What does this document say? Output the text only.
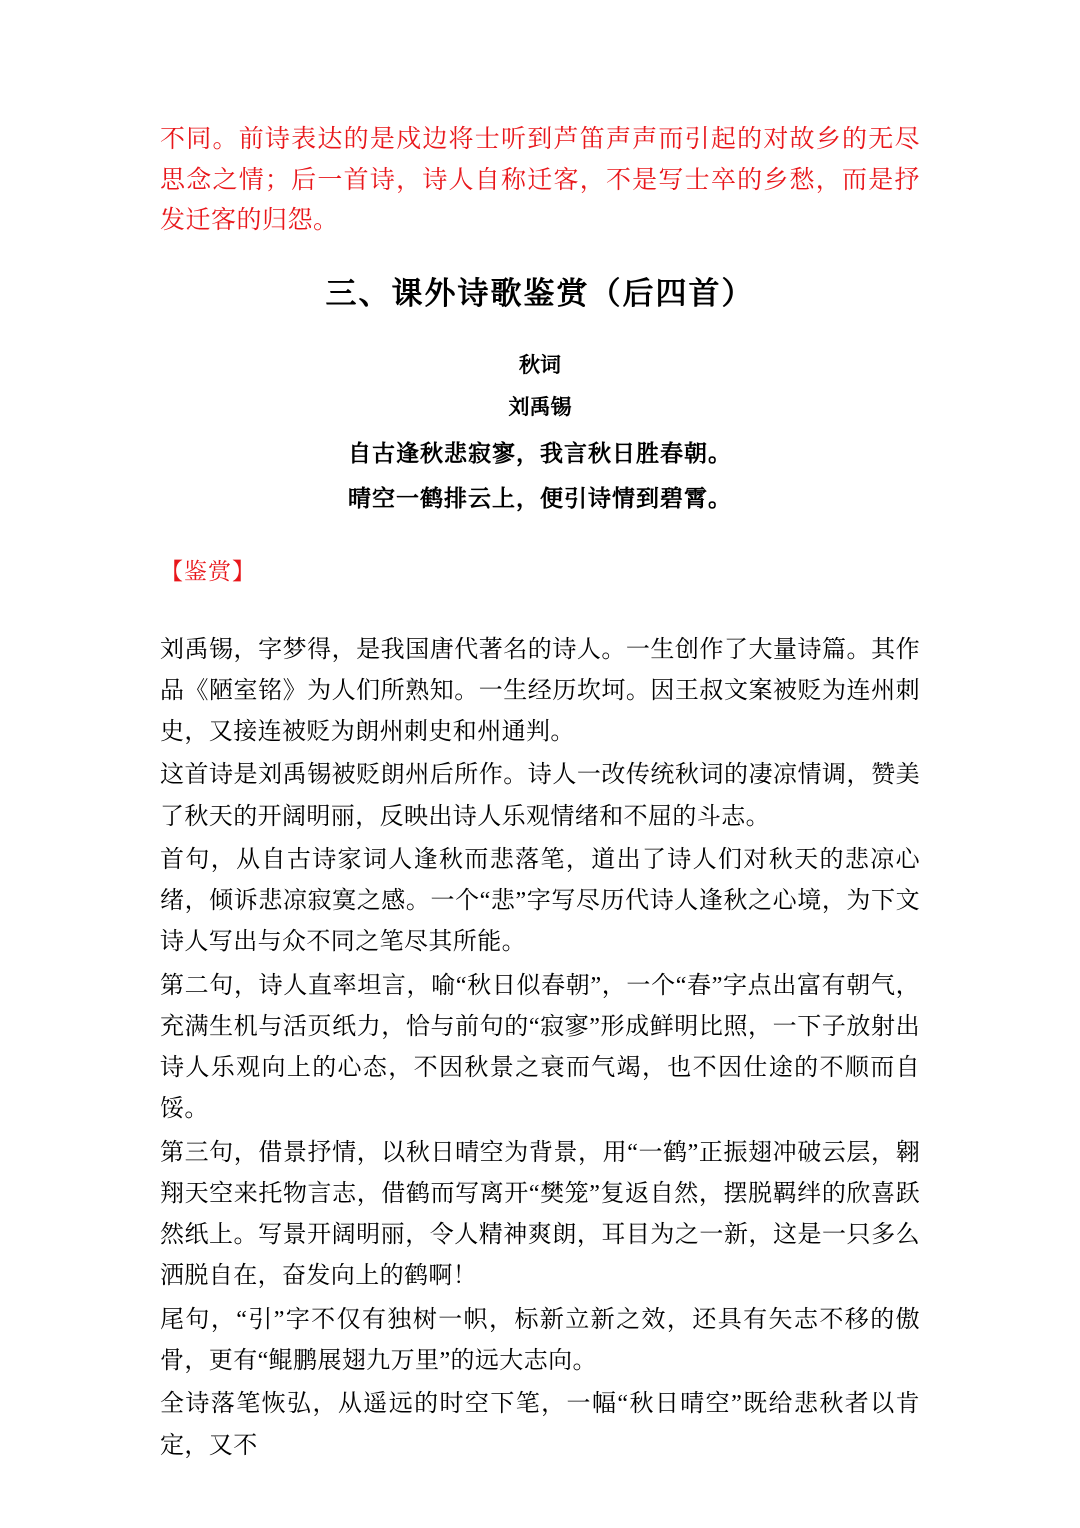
不同。前诗表达的是戍边将士听到芦笛声声而引起的对故乡的无尽思念之情；后一首诗，诗人自称迁客，不是写士卒的乡愁，而是抒发迁客的归怨。

三、课外诗歌鉴赏（后四首）
秋词
刘禹锡
自古逢秋悲寂寥，我言秋日胜春朝。
晴空一鹤排云上，便引诗情到碧霄。
【鉴赏】

刘禹锡，字梦得，是我国唐代著名的诗人。一生创作了大量诗篇。其作品《陋室铭》为人们所熟知。一生经历坎坷。因王叔文案被贬为连州刺史，又接连被贬为朗州刺史和州通判。

这首诗是刘禹锡被贬朗州后所作。诗人一改传统秋词的凄凉情调，赞美了秋天的开阔明丽，反映出诗人乐观情绪和不屈的斗志。

首句，从自古诗家词人逢秋而悲落笔，道出了诗人们对秋天的悲凉心绪，倾诉悲凉寂寞之感。一个“悲”字写尽历代诗人逢秋之心境，为下文诗人写出与众不同之笔尽其所能。

第二句，诗人直率坦言，喻“秋日似春朝”，一个“春”字点出富有朝气，充满生机与活页纸力，恰与前句的“寂寥”形成鲜明比照，一下子放射出诗人乐观向上的心态，不因秋景之衰而气竭，也不因仕途的不顺而自馁。

第三句，借景抒情，以秋日晴空为背景，用“一鹤”正振翅冲破云层，翱翔天空来托物言志，借鹤而写离开“樊笼”复返自然，摆脱羁绊的欣喜跃然纸上。写景开阔明丽，令人精神爽朗，耳目为之一新，这是一只多么洒脱自在，奋发向上的鹤啊！

尾句，“引”字不仅有独树一帜，标新立新之效，还具有矢志不移的傲骨，更有“鲲鹏展翅九万里”的远大志向。

全诗落笔恢弘，从遥远的时空下笔，一幅“秋日晴空”既给悲秋者以肯定，又不
